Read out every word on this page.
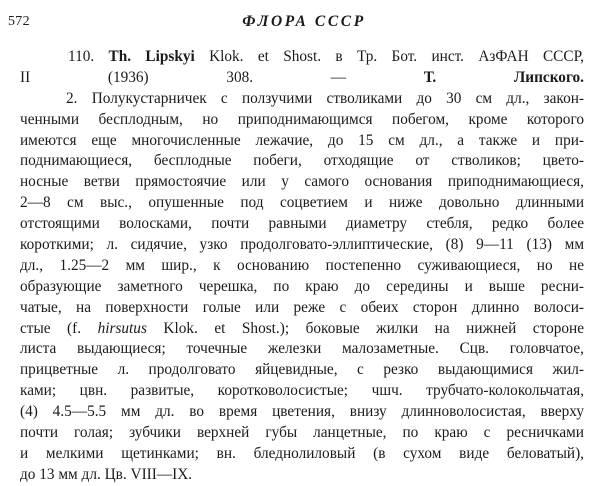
572	ФЛОРА СССР
110. Th. Lipskyi Klok. et Shost. в Тр. Бот. инст. АзФАН СССР,
II (1936) 308. —	Т. Липского.
2. Полукустарничек с ползучими стволиками до 30 см дл., закон-
ченными бесплодным, но приподнимающимся побегом, кроме которого
имеются еще многочисленные лежачие, до 15 см дл., а также и при-
поднимающиеся, бесплодные побеги, отходящие от стволиков; цвето-
носные ветви прямостоячие или у самого основания приподнимающиеся,
2—8 см выс., опушенные под соцветием и ниже довольно длинными
отстоящими волосками, почти равными диаметру стебля, редко более
короткими; л. сидячие, узко продолговато-эллиптические, (8) 9—11 (13) мм
дл., 1.25—2 мм шир., к основанию постепенно суживающиеся, но не
образующие заметного черешка, по краю до середины и выше ресни-
чатые, на поверхности голые или реже с обеих сторон длинно волоси-
стые (f. hirsutus Klok. et Shost.); боковые жилки на нижней стороне
листа выдающиеся; точечные железки малозаметные. Сцв. головчатое,
прицветные л. продолговато яйцевидные, с резко выдающимися жил-
ками; цвн. развитые, коротковолосистые; чшч. трубчато-колокольчатая,
(4) 4.5—5.5 мм дл. во время цветения, внизу длинноволосистая, вверху
почти голая; зубчики верхней губы ланцетные, по краю с ресничками
и мелкими щетинками; вн. бледнолиловый (в сухом виде беловатый),
до 13 мм дл. Цв. VIII—IX.
